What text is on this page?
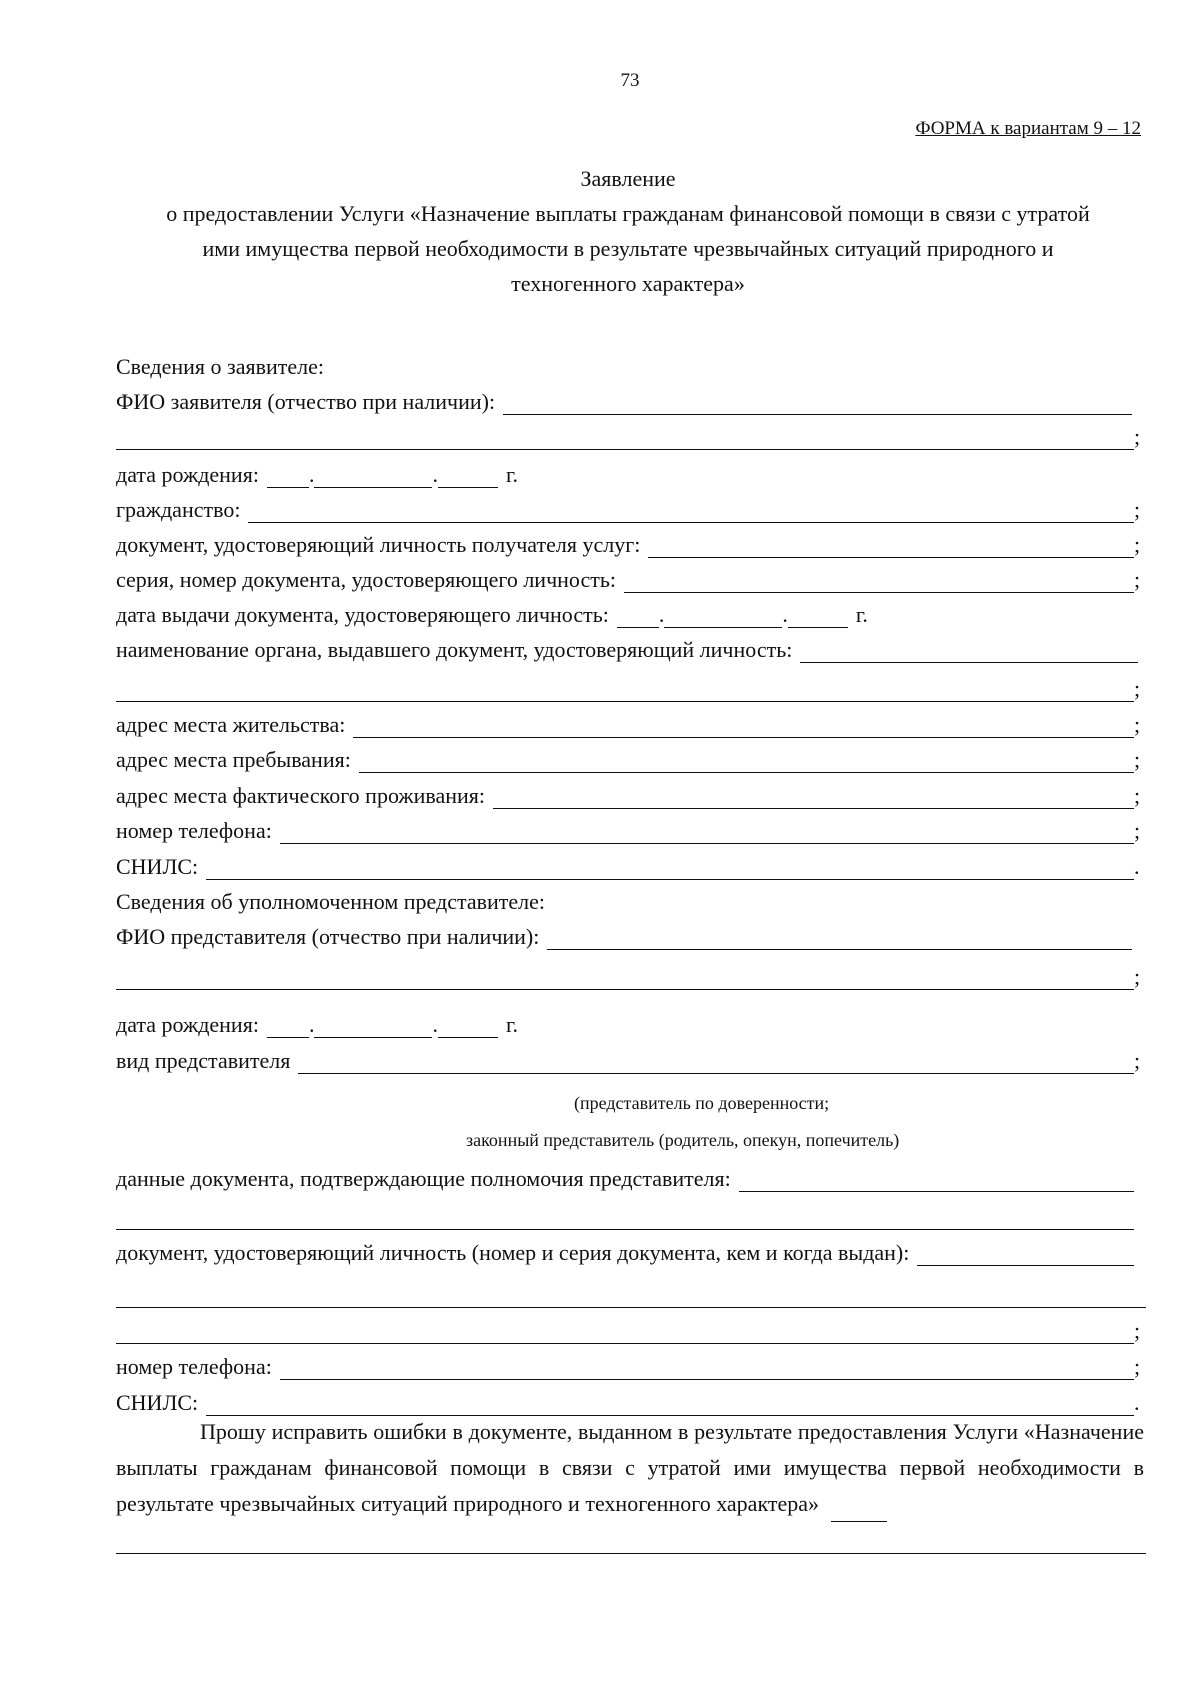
73
ФОРМА к вариантам 9 – 12
Заявление
о предоставлении Услуги «Назначение выплаты гражданам финансовой помощи в связи с утратой
ими имущества первой необходимости в результате чрезвычайных ситуаций природного и
техногенного характера»
Сведения о заявителе:
ФИО заявителя (отчество при наличии):
;
дата рождения: .	.	г.
гражданство:	;
документ, удостоверяющий личность получателя услуг:	;
серия, номер документа, удостоверяющего личность:	;
дата выдачи документа, удостоверяющего личность: .	.	г.
наименование органа, выдавшего документ, удостоверяющий личность:
;
адрес места жительства:	;
адрес места пребывания:	;
адрес места фактического проживания:	;
номер телефона:	;
СНИЛС:	.
Сведения об уполномоченном представителе:
ФИО представителя (отчество при наличии):
;
дата рождения: .	.	г.
вид представителя	;
(представитель по доверенности;
законный представитель (родитель, опекун, попечитель)
данные документа, подтверждающие полномочия представителя:
документ, удостоверяющий личность (номер и серия документа, кем и когда выдан):
;
номер телефона:	;
СНИЛС:	.
Прошу исправить ошибки в документе, выданном в результате предоставления Услуги «Назначение выплаты гражданам финансовой помощи в связи с утратой ими имущества первой необходимости в результате чрезвычайных ситуаций природного и техногенного характера»
